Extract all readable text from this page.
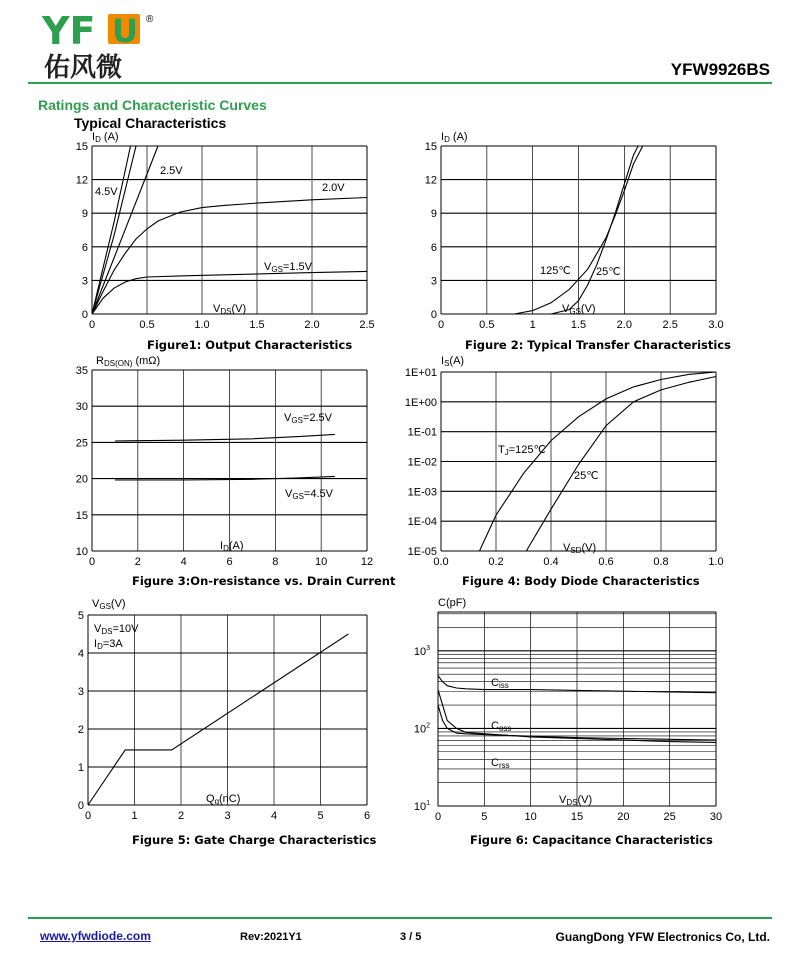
YF U ®
佑风微	YFW9926BS
Ratings and Characteristic Curves
Typical Characteristics
0	0.5	1.0	1.5	2.0	2.5
0
3
6
9
12
15
0	0.5	1	1.5	2.0	2.5	3.0
0
3
6
9
12
15
0	2	4	6	8	10	12
10
15
20
25
30
35
0.0	0.2	0.4	0.6	0.8	1.0
1E-05
1E-04
1E-03
1E-02
1E-01
1E+00
1E+01
0	1	2	3	4	5	6
0
1
2
3
4
5
0	5	10	15	20	25	30
$10^1$
$10^2$
$10^3$
ID (A)
VDS(V)
4.5V
2.5V
2.0V
VGS=1.5V
ID (A)
VGS(V)
125℃ 25℃
RDS(ON) (mΩ)
ID(A)
VGS=2.5V
VGS=4.5V
IS(A)
VSD(V)
TJ=125℃
25℃
VGS(V)
Qg(nC)
VDS=10V
ID=3A
C(pF)
VDS(V)
Ciss
Coss
Crss
Figure1: Output Characteristics	Figure 2: Typical Transfer Characteristics
Figure 3:On-resistance vs. Drain Current	Figure 4: Body Diode Characteristics
Figure 5: Gate Charge Characteristics	Figure 6: Capacitance Characteristics
www.yfwdiode.com	Rev:2021Y1	3 / 5	GuangDong YFW Electronics Co, Ltd.
